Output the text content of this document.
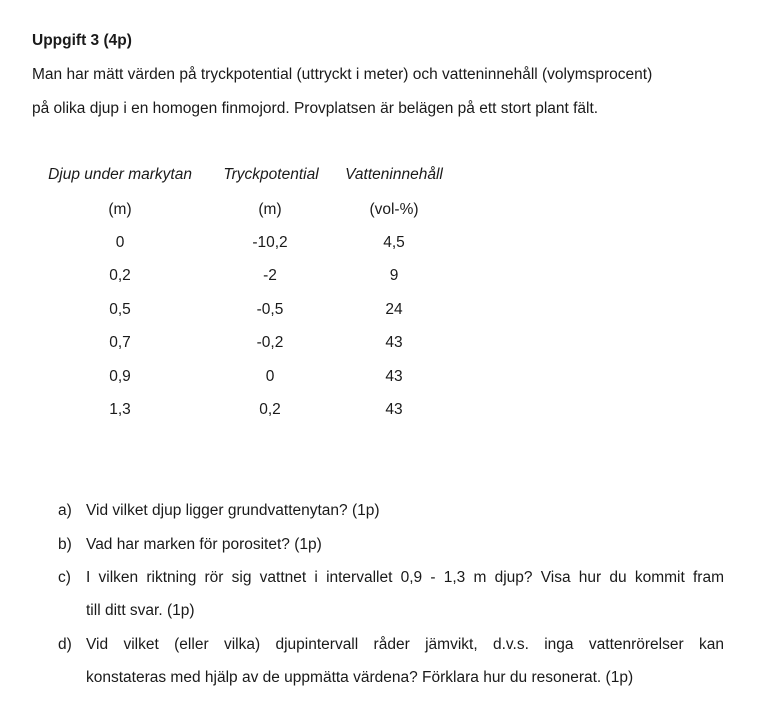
Uppgift 3 (4p)
Man har mätt värden på tryckpotential (uttryckt i meter) och vatteninnehåll (volymsprocent)
på olika djup i en homogen finmojord. Provplatsen är belägen på ett stort plant fält.
Djup under markytan	Tryckpotential	Vatteninnehåll
(m)	(m)	(vol-%)
0	-10,2	4,5
0,2	-2	9
0,5	-0,5	24
0,7	-0,2	43
0,9	0	43
1,3	0,2	43
a) Vid vilket djup ligger grundvattenytan? (1p)
b) Vad har marken för porositet? (1p)
c) I vilken riktning rör sig vattnet i intervallet 0,9 - 1,3 m djup? Visa hur du kommit fram
till ditt svar. (1p)
d) Vid vilket (eller vilka) djupintervall råder jämvikt, d.v.s. inga vattenrörelser kan
konstateras med hjälp av de uppmätta värdena? Förklara hur du resonerat. (1p)
